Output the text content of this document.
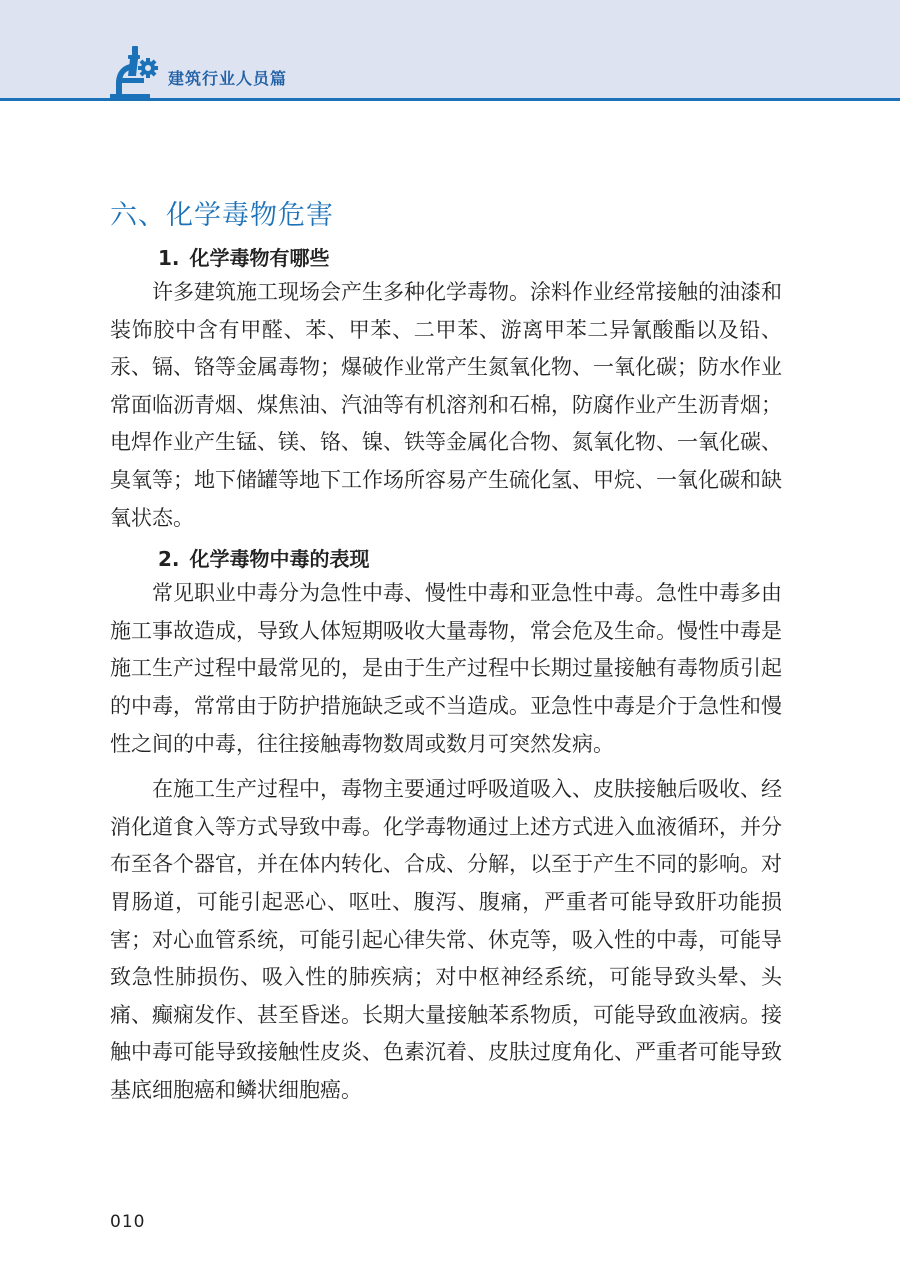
建筑行业人员篇
六、化学毒物危害
1. 化学毒物有哪些

许多建筑施工现场会产生多种化学毒物。涂料作业经常接触的油漆和装饰胶中含有甲醛、苯、甲苯、二甲苯、游离甲苯二异氰酸酯以及铅、汞、镉、铬等金属毒物；爆破作业常产生氮氧化物、一氧化碳；防水作业常面临沥青烟、煤焦油、汽油等有机溶剂和石棉，防腐作业产生沥青烟；电焊作业产生锰、镁、铬、镍、铁等金属化合物、氮氧化物、一氧化碳、臭氧等；地下储罐等地下工作场所容易产生硫化氢、甲烷、一氧化碳和缺氧状态。

2. 化学毒物中毒的表现

常见职业中毒分为急性中毒、慢性中毒和亚急性中毒。急性中毒多由施工事故造成，导致人体短期吸收大量毒物，常会危及生命。慢性中毒是施工生产过程中最常见的，是由于生产过程中长期过量接触有毒物质引起的中毒，常常由于防护措施缺乏或不当造成。亚急性中毒是介于急性和慢性之间的中毒，往往接触毒物数周或数月可突然发病。

在施工生产过程中，毒物主要通过呼吸道吸入、皮肤接触后吸收、经消化道食入等方式导致中毒。化学毒物通过上述方式进入血液循环，并分布至各个器官，并在体内转化、合成、分解，以至于产生不同的影响。对胃肠道，可能引起恶心、呕吐、腹泻、腹痛，严重者可能导致肝功能损害；对心血管系统，可能引起心律失常、休克等，吸入性的中毒，可能导致急性肺损伤、吸入性的肺疾病；对中枢神经系统，可能导致头晕、头痛、癫痫发作、甚至昏迷。长期大量接触苯系物质，可能导致血液病。接触中毒可能导致接触性皮炎、色素沉着、皮肤过度角化、严重者可能导致基底细胞癌和鳞状细胞癌。

010
